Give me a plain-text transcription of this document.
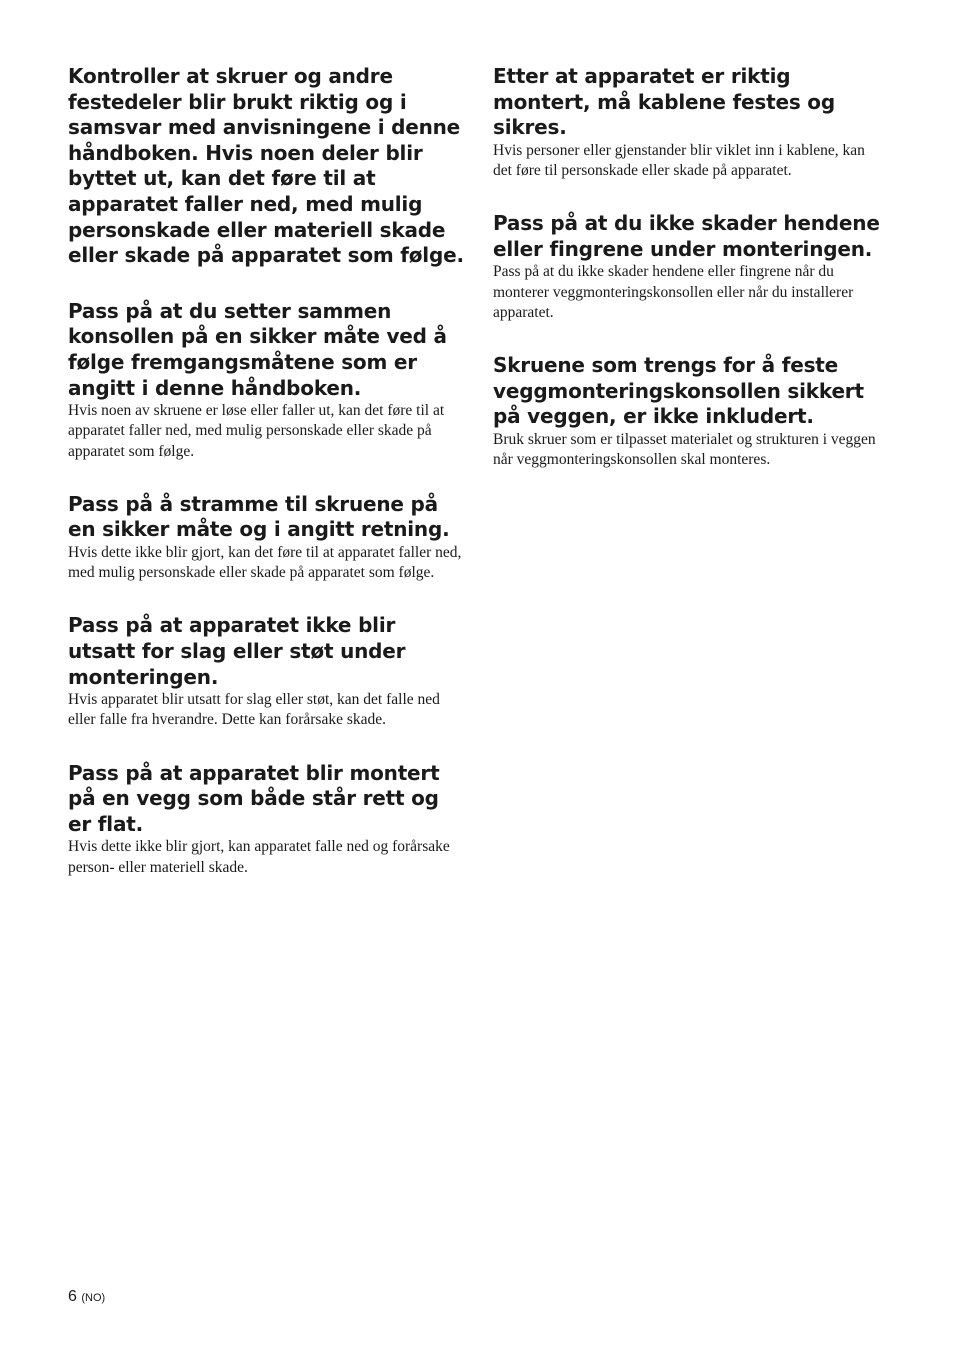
Kontroller at skruer og andre festedeler blir brukt riktig og i samsvar med anvisningene i denne håndboken. Hvis noen deler blir byttet ut, kan det føre til at apparatet faller ned, med mulig personskade eller materiell skade eller skade på apparatet som følge.

Pass på at du setter sammen konsollen på en sikker måte ved å følge fremgangsmåtene som er angitt i denne håndboken.

Hvis noen av skruene er løse eller faller ut, kan det føre til at apparatet faller ned, med mulig personskade eller skade på apparatet som følge.

Pass på å stramme til skruene på en sikker måte og i angitt retning.

Hvis dette ikke blir gjort, kan det føre til at apparatet faller ned, med mulig personskade eller skade på apparatet som følge.

Pass på at apparatet ikke blir utsatt for slag eller støt under monteringen.

Hvis apparatet blir utsatt for slag eller støt, kan det falle ned eller falle fra hverandre. Dette kan forårsake skade.

Pass på at apparatet blir montert på en vegg som både står rett og er flat.

Hvis dette ikke blir gjort, kan apparatet falle ned og forårsake person- eller materiell skade.

Etter at apparatet er riktig montert, må kablene festes og sikres.

Hvis personer eller gjenstander blir viklet inn i kablene, kan det føre til personskade eller skade på apparatet.

Pass på at du ikke skader hendene eller fingrene under monteringen.

Pass på at du ikke skader hendene eller fingrene når du monterer veggmonteringskonsollen eller når du installerer apparatet.

Skruene som trengs for å feste veggmonteringskonsollen sikkert på veggen, er ikke inkludert.

Bruk skruer som er tilpasset materialet og strukturen i veggen når veggmonteringskonsollen skal monteres.

6 (NO)
